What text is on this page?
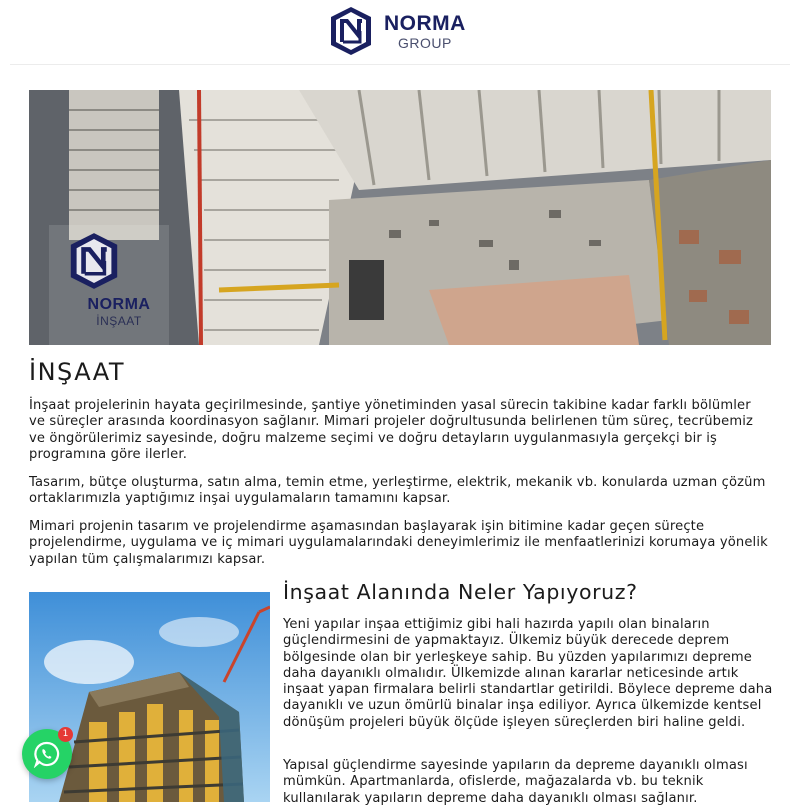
NORMA
GROUP
NORMA
İNŞAAT
İNŞAAT

İnşaat projelerinin hayata geçirilmesinde, şantiye yönetiminden yasal sürecin takibine kadar farklı bölümler ve süreçler arasında koordinasyon sağlanır. Mimari projeler doğrultusunda belirlenen tüm süreç, tecrübemiz ve öngörülerimiz sayesinde, doğru malzeme seçimi ve doğru detayların uygulanmasıyla gerçekçi bir iş programına göre ilerler.

Tasarım, bütçe oluşturma, satın alma, temin etme, yerleştirme, elektrik, mekanik vb. konularda uzman çözüm ortaklarımızla yaptığımız inşai uygulamaların tamamını kapsar.

Mimari projenin tasarım ve projelendirme aşamasından başlayarak işin bitimine kadar geçen süreçte projelendirme, uygulama ve iç mimari uygulamalarındaki deneyimlerimiz ile menfaatlerinizi korumaya yönelik yapılan tüm çalışmalarımızı kapsar.

İnşaat Alanında Neler Yapıyoruz?

Yeni yapılar inşaa ettiğimiz gibi hali hazırda yapılı olan binaların güçlendirmesini de yapmaktayız. Ülkemiz büyük derecede deprem bölgesinde olan bir yerleşkeye sahip. Bu yüzden yapılarımızı depreme daha dayanıklı olmalıdır. Ülkemizde alınan kararlar neticesinde artık inşaat yapan firmalara belirli standartlar getirildi. Böylece depreme daha dayanıklı ve uzun ömürlü binalar inşa ediliyor. Ayrıca ülkemizde kentsel dönüşüm projeleri büyük ölçüde işleyen süreçlerden biri haline geldi.

Yapısal güçlendirme sayesinde yapıların da depreme dayanıklı olması mümkün. Apartmanlarda, ofislerde, mağazalarda vb. bu teknik kullanılarak yapıların depreme daha dayanıklı olması sağlanır.

1
